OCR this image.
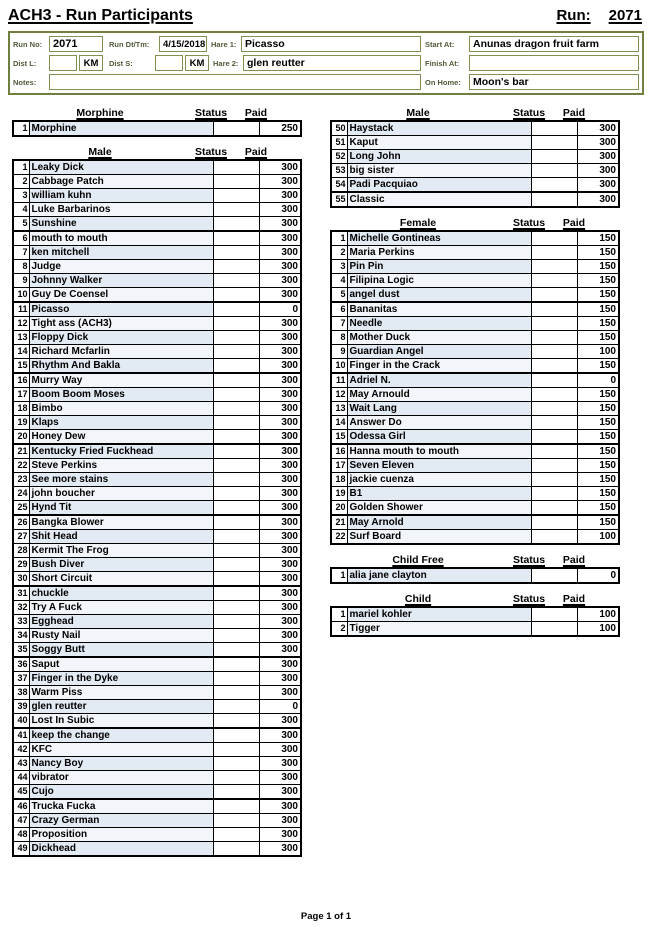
ACH3 - Run Participants	Run: 2071
Run No: 2071	Run Dt/Tm:	4/15/2018 Hare 1: Picasso	Start At:	Anunas dragon fruit farm
Dist L:	KM	Dist S:	KM	Hare 2: glen reutter	Finish At:
Notes:	On Home:	Moon's bar
Morphine	Status	Paid
1	Morphine		250
Male	Status	Paid
1	Leaky Dick		300
2	Cabbage Patch		300
3	william kuhn		300
4	Luke Barbarinos		300
5	Sunshine		300
6	mouth to mouth		300
7	ken mitchell		300
8	Judge		300
9	Johnny Walker		300
10	Guy De Coensel		300
11	Picasso		0
12	Tight ass (ACH3)		300
13	Floppy Dick		300
14	Richard Mcfarlin		300
15	Rhythm And Bakla		300
16	Murry Way		300
17	Boom Boom Moses		300
18	Bimbo		300
19	Klaps		300
20	Honey Dew		300
21	Kentucky Fried Fuckhead		300
22	Steve Perkins		300
23	See more stains		300
24	john boucher		300
25	Hynd Tit		300
26	Bangka Blower		300
27	Shit Head		300
28	Kermit The Frog		300
29	Bush Diver		300
30	Short Circuit		300
31	chuckle		300
32	Try A Fuck		300
33	Egghead		300
34	Rusty Nail		300
35	Soggy Butt		300
36	Saput		300
37	Finger in the Dyke		300
38	Warm Piss		300
39	glen reutter		0
40	Lost In Subic		300
41	keep the change		300
42	KFC		300
43	Nancy Boy		300
44	vibrator		300
45	Cujo		300
46	Trucka Fucka		300
47	Crazy German		300
48	Proposition		300
49	Dickhead		300
Male	Status	Paid
50	Haystack		300
51	Kaput		300
52	Long John		300
53	big sister		300
54	Padi Pacquiao		300
55	Classic		300
Female	Status	Paid
1	Michelle Gontineas		150
2	Maria Perkins		150
3	Pin Pin		150
4	Filipina Logic		150
5	angel dust		150
6	Bananitas		150
7	Needle		150
8	Mother Duck		150
9	Guardian Angel		100
10	Finger in the Crack		150
11	Adriel N.		0
12	May Arnould		150
13	Wait Lang		150
14	Answer Do		150
15	Odessa Girl		150
16	Hanna mouth to mouth		150
17	Seven Eleven		150
18	jackie cuenza		150
19	B1		150
20	Golden Shower		150
21	May Arnold		150
22	Surf Board		100
Child Free	Status	Paid
1	alia jane clayton		0
Child	Status	Paid
1	mariel kohler		100
2	Tigger		100
Page 1 of 1
